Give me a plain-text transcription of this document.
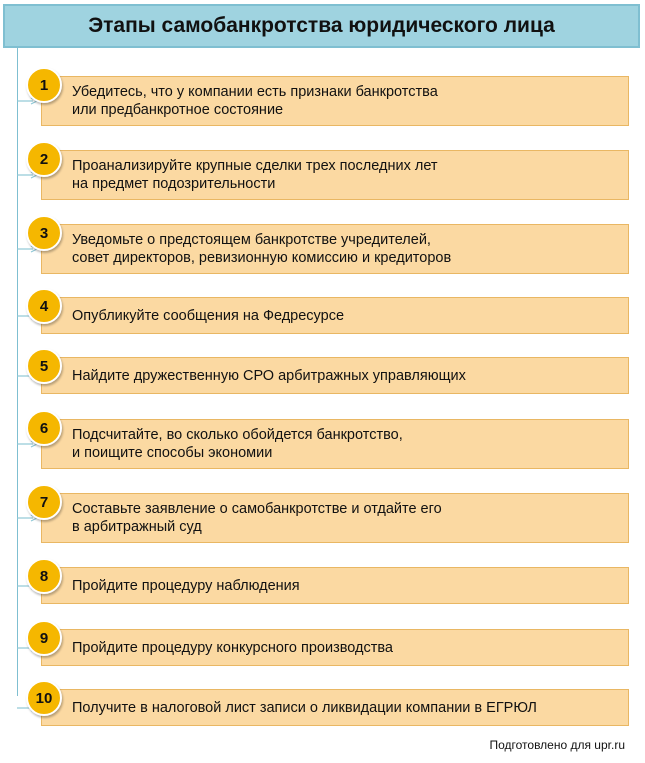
Этапы самобанкротства юридического лица
Убедитесь, что у компании есть признаки банкротства
или предбанкротное состояние
1
Проанализируйте крупные сделки трех последних лет
на предмет подозрительности
2
Уведомьте о предстоящем банкротстве учредителей,
совет директоров, ревизионную комиссию и кредиторов
3
Опубликуйте сообщения на Федресурсе
4
Найдите дружественную СРО арбитражных управляющих
5
Подсчитайте, во сколько обойдется банкротство,
и поищите способы экономии
6
Составьте заявление о самобанкротстве и отдайте его
в арбитражный суд
7
Пройдите процедуру наблюдения
8
Пройдите процедуру конкурсного производства
9
Получите в налоговой лист записи о ликвидации компании в ЕГРЮЛ
10
Подготовлено для upr.ru
